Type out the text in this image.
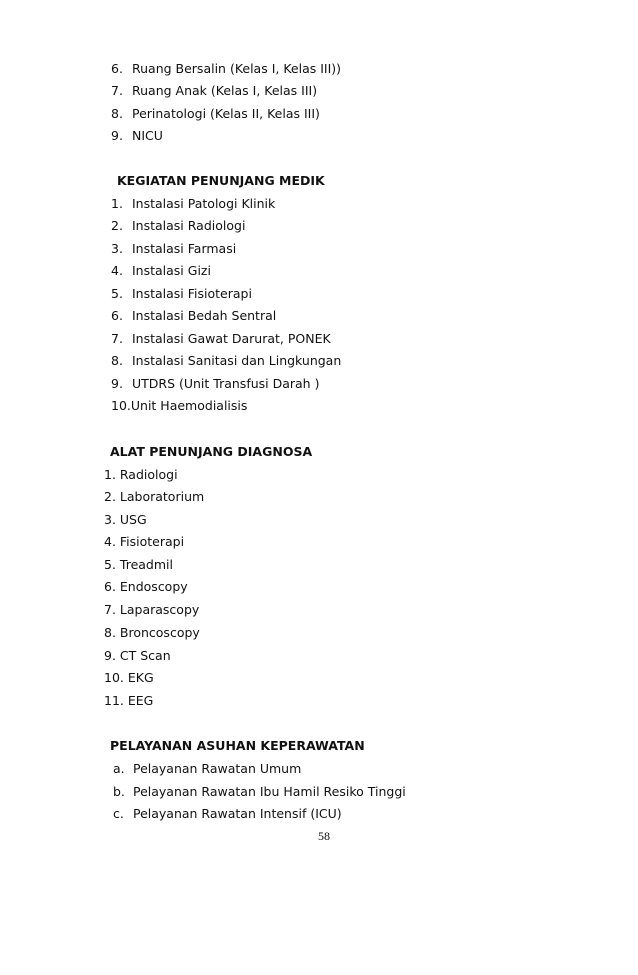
6. Ruang Bersalin (Kelas I, Kelas III))
7. Ruang Anak (Kelas I, Kelas III)
8. Perinatologi (Kelas II, Kelas III)
9. NICU
KEGIATAN PENUNJANG MEDIK
1. Instalasi Patologi Klinik
2. Instalasi Radiologi
3. Instalasi Farmasi
4. Instalasi Gizi
5. Instalasi Fisioterapi
6. Instalasi Bedah Sentral
7. Instalasi Gawat Darurat, PONEK
8. Instalasi Sanitasi dan Lingkungan
9. UTDRS (Unit Transfusi Darah )
10.Unit Haemodialisis
ALAT PENUNJANG DIAGNOSA
1. Radiologi
2. Laboratorium
3. USG
4. Fisioterapi
5. Treadmil
6. Endoscopy
7. Laparascopy
8. Broncoscopy
9. CT Scan
10. EKG
11. EEG
PELAYANAN ASUHAN KEPERAWATAN
a. Pelayanan Rawatan Umum
b. Pelayanan Rawatan Ibu Hamil Resiko Tinggi
c. Pelayanan Rawatan Intensif (ICU)
58
